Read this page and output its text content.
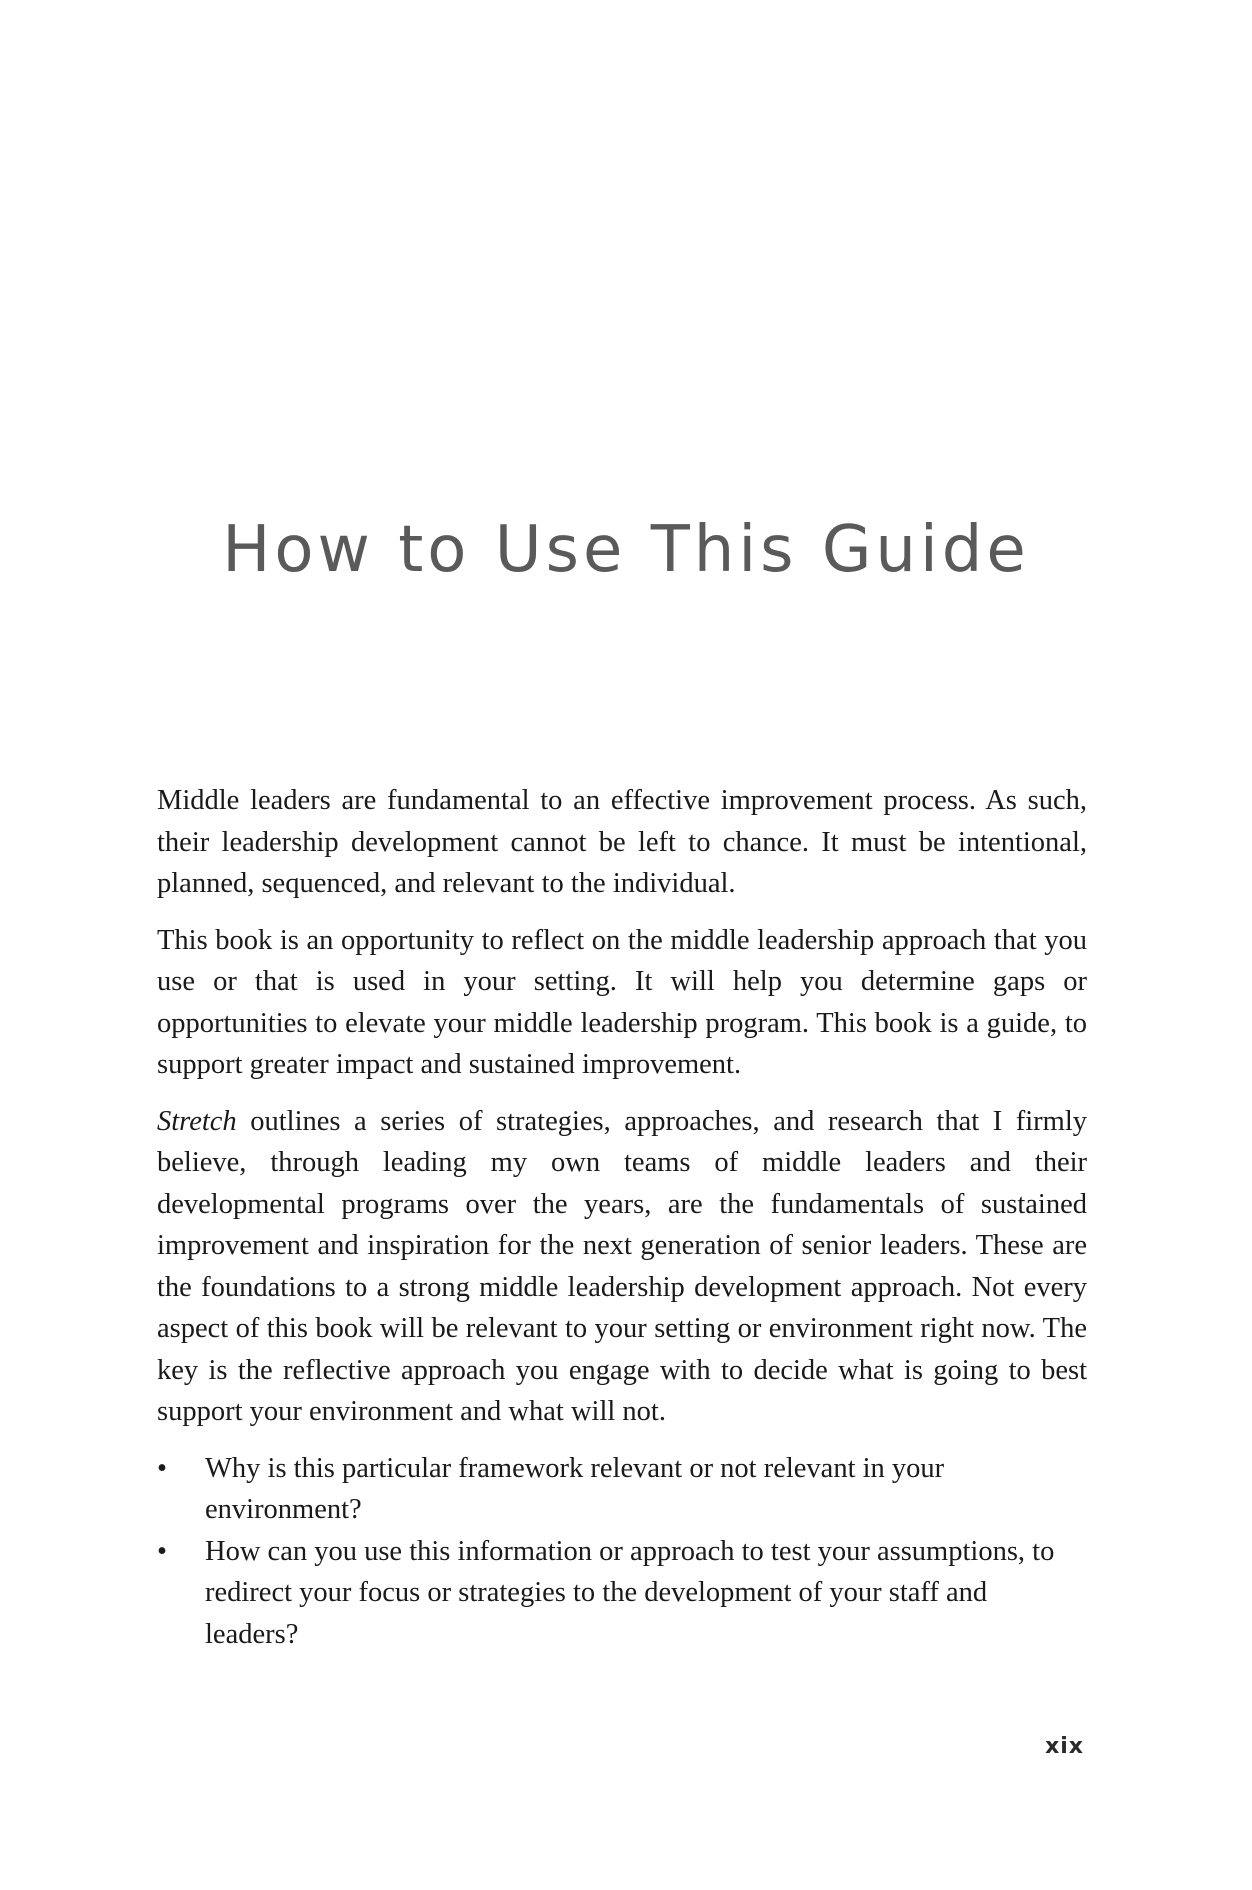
How to Use This Guide

Middle leaders are fundamental to an effective improvement process. As such, their leadership development cannot be left to chance. It must be intentional, planned, sequenced, and relevant to the individual.

This book is an opportunity to reflect on the middle leadership approach that you use or that is used in your setting. It will help you determine gaps or opportunities to elevate your middle leadership program. This book is a guide, to support greater impact and sustained improvement.

Stretch outlines a series of strategies, approaches, and research that I firmly believe, through leading my own teams of middle leaders and their developmental programs over the years, are the fundamentals of sustained improvement and inspiration for the next generation of senior leaders. These are the foundations to a strong middle leadership development approach. Not every aspect of this book will be relevant to your setting or environment right now. The key is the reflective approach you engage with to decide what is going to best support your environment and what will not.

•	Why is this particular framework relevant or not relevant in your environment?
•	How can you use this information or approach to test your assumptions, to redirect your focus or strategies to the development of your staff and leaders?
xix
